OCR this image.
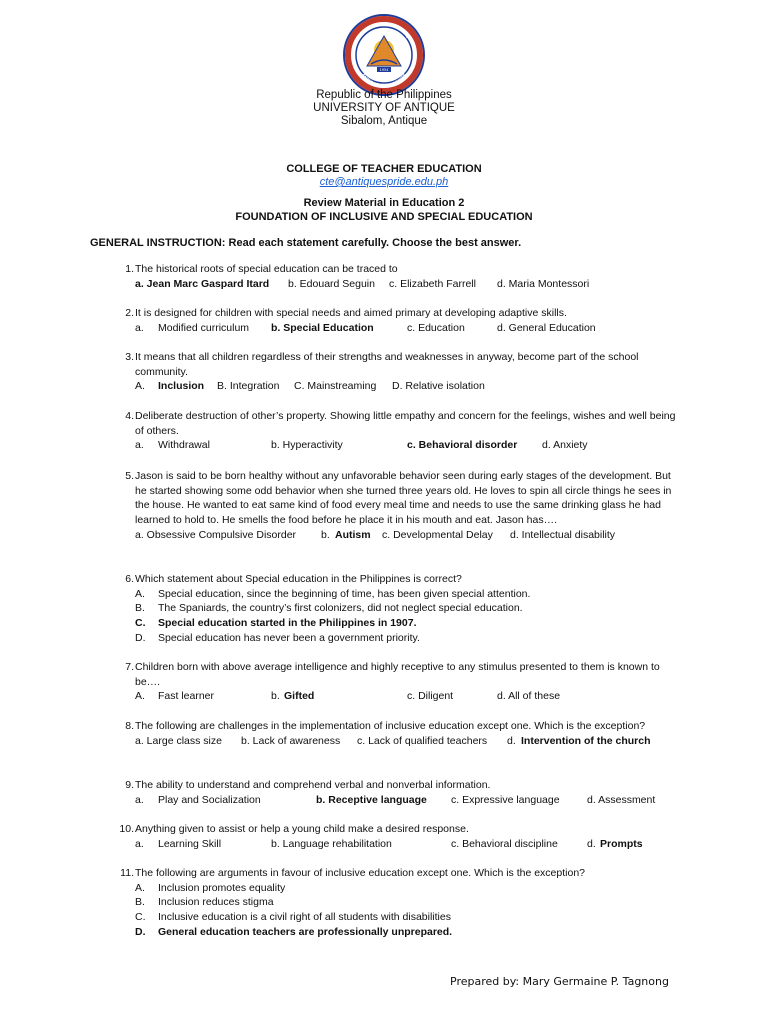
UNIVERSITY OF ANTIQUE
ANTIQUE, PHILIPPINES
1954
Republic of the Philippines
UNIVERSITY OF ANTIQUE
Sibalom, Antique
COLLEGE OF TEACHER EDUCATION
cte@antiquespride.edu.ph
Review Material in Education 2
FOUNDATION OF INCLUSIVE AND SPECIAL EDUCATION
GENERAL INSTRUCTION: Read each statement carefully. Choose the best answer.
1. The historical roots of special education can be traced to
a. Jean Marc Gaspard Itard b. Edouard Seguin c. Elizabeth Farrell d. Maria Montessori
2. It is designed for children with special needs and aimed primary at developing adaptive skills.
a. Modified curriculum b. Special Education	c. Education	d. General Education
3. It means that all children regardless of their strengths and weaknesses in anyway, become part of the school community.
A. Inclusion B. Integration C. Mainstreaming D. Relative isolation
4. Deliberate destruction of other’s property. Showing little empathy and concern for the feelings, wishes and well being of others.
a. Withdrawal	b. Hyperactivity	c. Behavioral disorder d. Anxiety
5. Jason is said to be born healthy without any unfavorable behavior seen during early stages of the development. But he started showing some odd behavior when she turned three years old. He loves to spin all circle things he sees in the house. He wanted to eat same kind of food every meal time and needs to use the same drinking glass he had learned to hold to. He smells the food before he place it in his mouth and eat. Jason has….
a. Obsessive Compulsive Disorder b. Autism c. Developmental Delay d. Intellectual disability
6. Which statement about Special education in the Philippines is correct?
A. Special education, since the beginning of time, has been given special attention.
B. The Spaniards, the country’s first colonizers, did not neglect special education.
C. Special education started in the Philippines in 1907.
D. Special education has never been a government priority.
7. Children born with above average intelligence and highly receptive to any stimulus presented to them is known to be….
A. Fast learner	b. Gifted	c. Diligent	d. All of these
8. The following are challenges in the implementation of inclusive education except one. Which is the exception?
a. Large class size b. Lack of awareness c. Lack of qualified teachers d. Intervention of the church
9. The ability to understand and comprehend verbal and nonverbal information.
a. Play and Socialization	b. Receptive language c. Expressive language	d. Assessment
10. Anything given to assist or help a young child make a desired response.
a. Learning Skill	b. Language rehabilitation	c. Behavioral discipline	d. Prompts
11. The following are arguments in favour of inclusive education except one. Which is the exception?
A. Inclusion promotes equality
B. Inclusion reduces stigma
C. Inclusive education is a civil right of all students with disabilities
D. General education teachers are professionally unprepared.
Prepared by: Mary Germaine P. Tagnong
